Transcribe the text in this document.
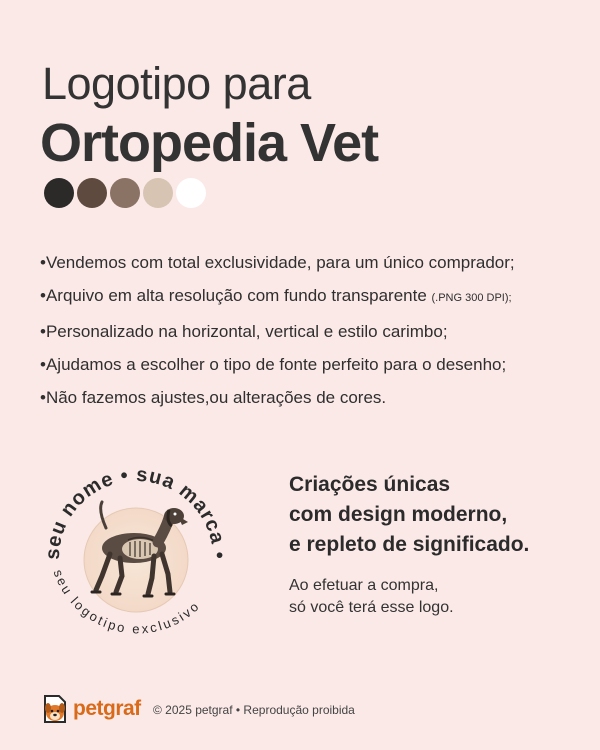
Logotipo para
Ortopedia Vet
•Vendemos com total exclusividade, para um único comprador;
•Arquivo em alta resolução com fundo transparente (.PNG 300 DPI);
•Personalizado na horizontal, vertical e estilo carimbo;
•Ajudamos a escolher o tipo de fonte perfeito para o desenho;
•Não fazemos ajustes,ou alterações de cores.
seu nome • sua marca •
seu logotipo exclusivo
Criações únicas
com design moderno,
e repleto de significado.
Ao efetuar a compra,
só você terá esse logo.
petgraf © 2025 petgraf • Reprodução proibida
